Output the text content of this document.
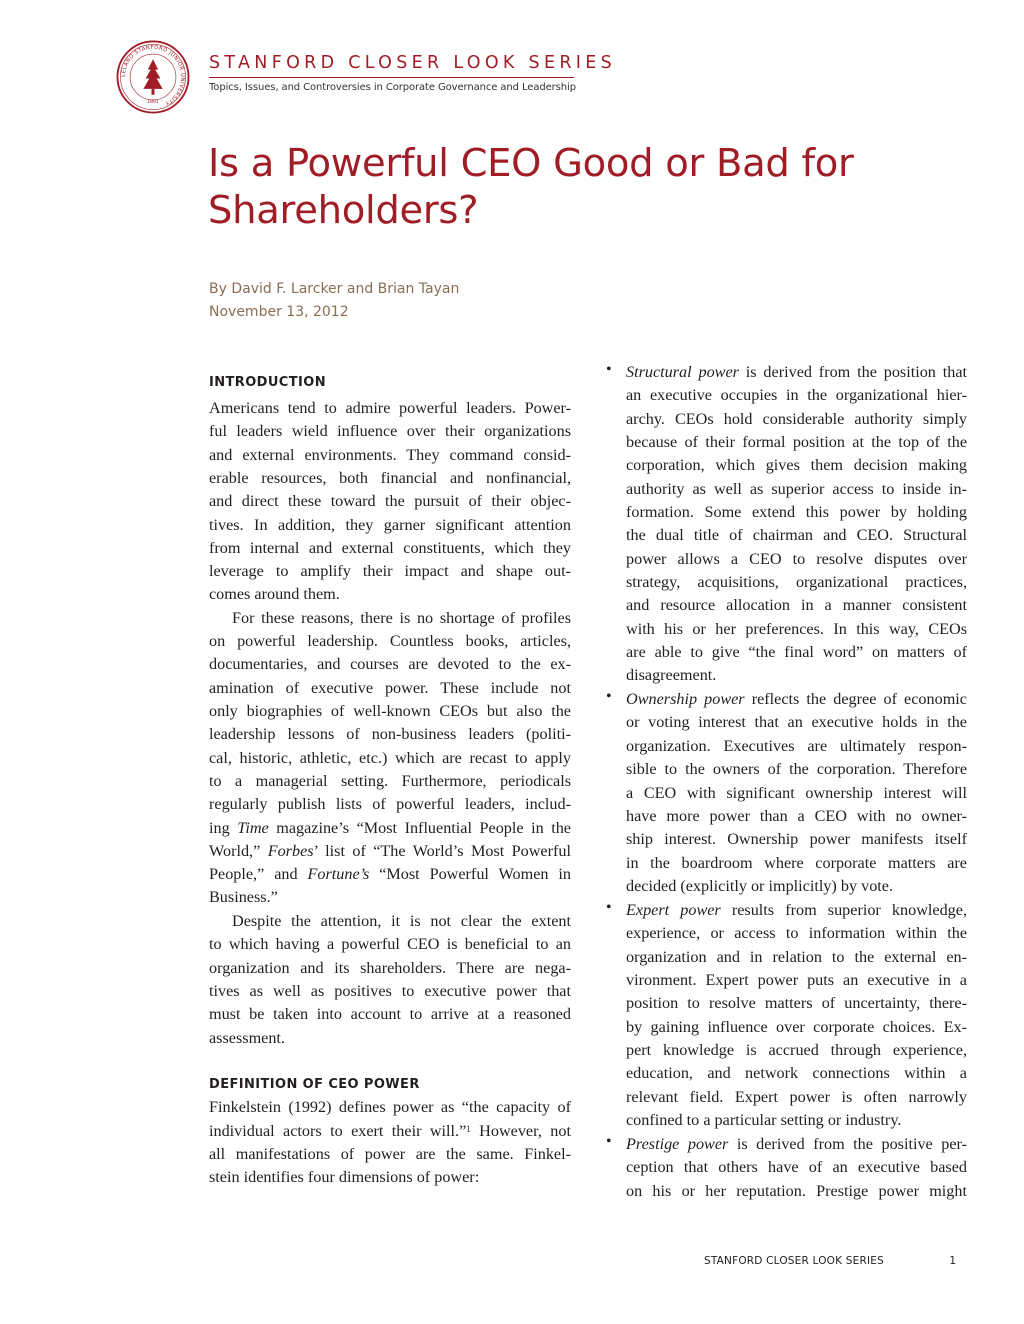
LELAND STANFORD JUNIOR UNIVERSITY
1891
STANFORD CLOSER LOOK SERIES
Topics, Issues, and Controversies in Corporate Governance and Leadership
Is a Powerful CEO Good or Bad for Shareholders?
By David F. Larcker and Brian Tayan
November 13, 2012
INTRODUCTION
Americans tend to admire powerful leaders. Power-
ful leaders wield influence over their organizations
and external environments. They command consid-
erable resources, both financial and nonfinancial,
and direct these toward the pursuit of their objec-
tives. In addition, they garner significant attention
from internal and external constituents, which they
leverage to amplify their impact and shape out-
comes around them.
For these reasons, there is no shortage of profiles
on powerful leadership. Countless books, articles,
documentaries, and courses are devoted to the ex-
amination of executive power. These include not
only biographies of well-known CEOs but also the
leadership lessons of non-business leaders (politi-
cal, historic, athletic, etc.) which are recast to apply
to a managerial setting. Furthermore, periodicals
regularly publish lists of powerful leaders, includ-
ing Time magazine’s “Most Influential People in the
World,” Forbes’ list of “The World’s Most Powerful
People,” and Fortune’s “Most Powerful Women in
Business.”
Despite the attention, it is not clear the extent
to which having a powerful CEO is beneficial to an
organization and its shareholders. There are nega-
tives as well as positives to executive power that
must be taken into account to arrive at a reasoned
assessment.
DEFINITION OF CEO POWER
Finkelstein (1992) defines power as “the capacity of
individual actors to exert their will.”$^1$ However, not
all manifestations of power are the same. Finkel-
stein identifies four dimensions of power:
• Structural power is derived from the position that
an executive occupies in the organizational hier-
archy. CEOs hold considerable authority simply
because of their formal position at the top of the
corporation, which gives them decision making
authority as well as superior access to inside in-
formation. Some extend this power by holding
the dual title of chairman and CEO. Structural
power allows a CEO to resolve disputes over
strategy, acquisitions, organizational practices,
and resource allocation in a manner consistent
with his or her preferences. In this way, CEOs
are able to give “the final word” on matters of
disagreement.
• Ownership power reflects the degree of economic
or voting interest that an executive holds in the
organization. Executives are ultimately respon-
sible to the owners of the corporation. Therefore
a CEO with significant ownership interest will
have more power than a CEO with no owner-
ship interest. Ownership power manifests itself
in the boardroom where corporate matters are
decided (explicitly or implicitly) by vote.
• Expert power results from superior knowledge,
experience, or access to information within the
organization and in relation to the external en-
vironment. Expert power puts an executive in a
position to resolve matters of uncertainty, there-
by gaining influence over corporate choices. Ex-
pert knowledge is accrued through experience,
education, and network connections within a
relevant field. Expert power is often narrowly
confined to a particular setting or industry.
• Prestige power is derived from the positive per-
ception that others have of an executive based
on his or her reputation. Prestige power might
STANFORD CLOSER LOOK SERIES	1
